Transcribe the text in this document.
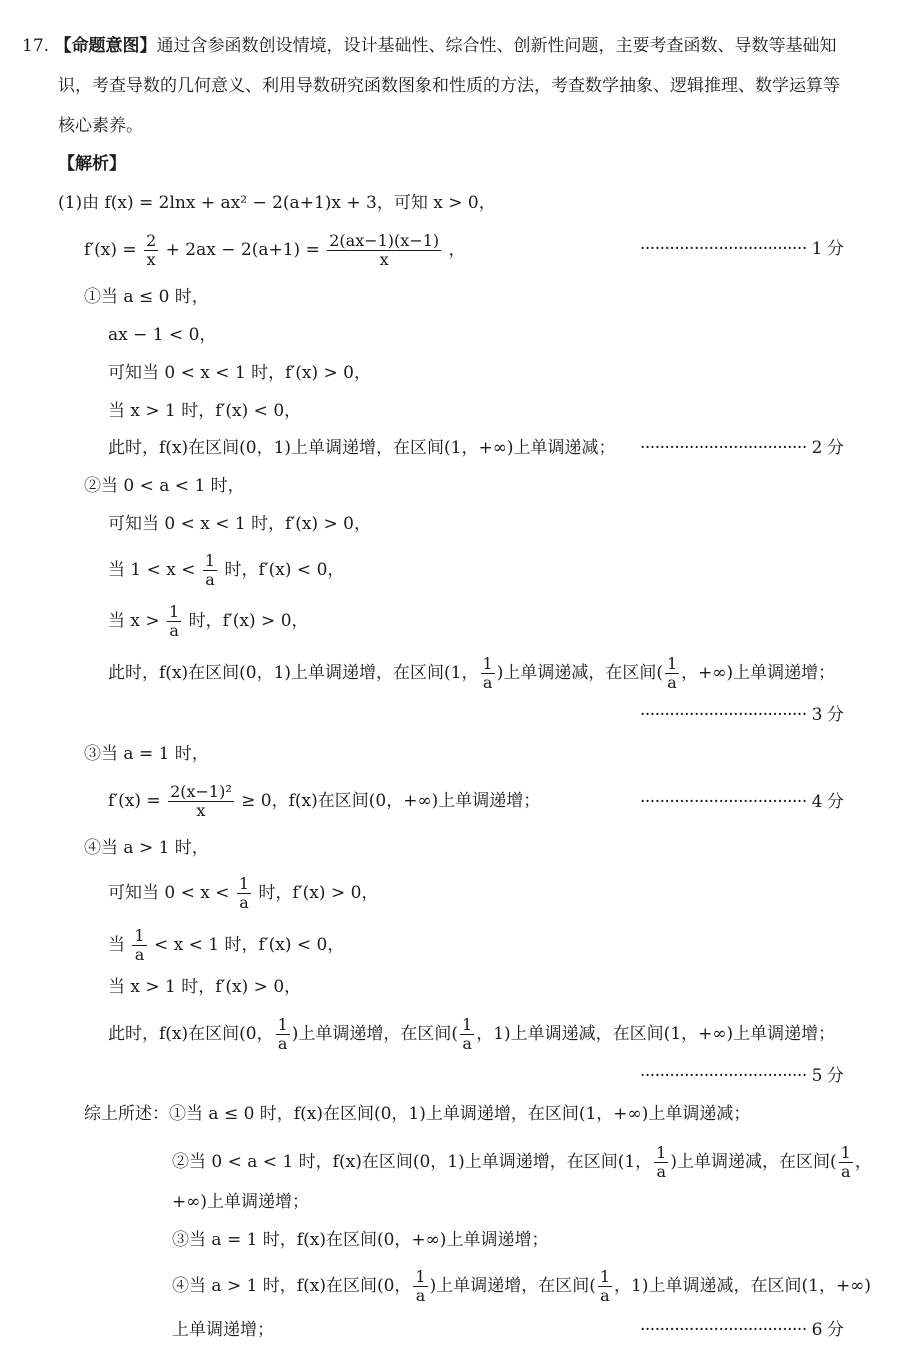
17. 【命题意图】通过含参函数创设情境，设计基础性、综合性、创新性问题，主要考查函数、导数等基础知
识，考查导数的几何意义、利用导数研究函数图象和性质的方法，考查数学抽象、逻辑推理、数学运算等
核心素养。
【解析】
(1)由 f(x) = 2lnx + ax² − 2(a+1)x + 3，可知 x > 0，
$f'(x) = \frac{2}{x} + 2ax - 2(a+1) = \frac{2(ax-1)(x-1)}{x}$ ，	·································· 1 分
①当 a ≤ 0 时，
ax − 1 < 0，
可知当 0 < x < 1 时，f′(x) > 0，
当 x > 1 时，f′(x) < 0，
此时，f(x)在区间(0，1)上单调递增，在区间(1，+∞)上单调递减； ·································· 2 分
②当 0 < a < 1 时，
可知当 0 < x < 1 时，f′(x) > 0，
当 $1 < x < \frac{1}{a}$ 时，f′(x) < 0，
当 $x > \frac{1}{a}$ 时，f′(x) > 0，
此时，f(x)在区间(0，1)上单调递增，在区间(1， $\frac{1}{a}$ )上单调递减，在区间( $\frac{1}{a}$ ，+∞)上单调递增；
·································· 3 分
③当 a = 1 时，
$f'(x) = \frac{\text{2(x−1)²}}{x} \ge 0$，f(x)在区间(0，+∞)上单调递增；	·································· 4 分
④当 a > 1 时，
可知当 $0 < x < \frac{1}{a}$ 时，f′(x) > 0，
当 $\frac{1}{a} < x < 1$ 时，f′(x) < 0，
当 x > 1 时，f′(x) > 0，
此时，f(x)在区间(0， $\frac{1}{a}$ )上单调递增，在区间( $\frac{1}{a}$ ，1)上单调递减，在区间(1，+∞)上单调递增；
·································· 5 分
综上所述：①当 a ≤ 0 时，f(x)在区间(0，1)上单调递增，在区间(1，+∞)上单调递减；
②当 0 < a < 1 时，f(x)在区间(0，1)上单调递增，在区间(1， $\frac{1}{a}$ )上单调递减，在区间( $\frac{1}{a}$ ，
+∞)上单调递增；
③当 a = 1 时，f(x)在区间(0，+∞)上单调递增；
④当 a > 1 时，f(x)在区间(0， $\frac{1}{a}$ )上单调递增，在区间( $\frac{1}{a}$ ，1)上单调递减，在区间(1，+∞)
上单调递增；	·································· 6 分
